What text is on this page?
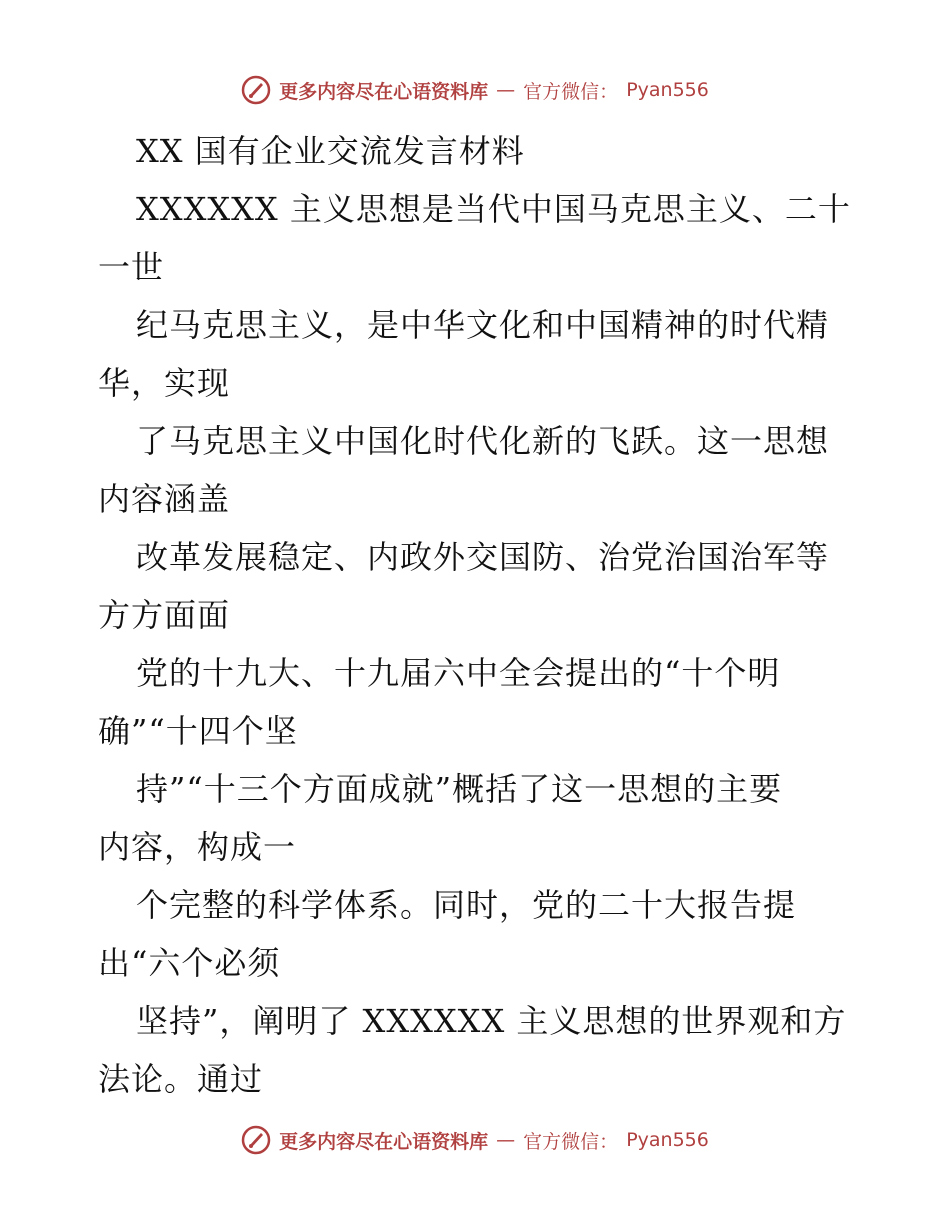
更多内容尽在心语资料库 — 官方微信： Pyan556
XX 国有企业交流发言材料
XXXXXX 主义思想是当代中国马克思主义、二十
一世
纪马克思主义，是中华文化和中国精神的时代精
华，实现
了马克思主义中国化时代化新的飞跃。这一思想
内容涵盖
改革发展稳定、内政外交国防、治党治国治军等
方方面面
党的十九大、十九届六中全会提出的“十个明
确”“十四个坚
持”“十三个方面成就”概括了这一思想的主要
内容，构成一
个完整的科学体系。同时，党的二十大报告提
出“六个必须
坚持”，阐明了 XXXXXX 主义思想的世界观和方
法论。通过
更多内容尽在心语资料库 — 官方微信： Pyan556
